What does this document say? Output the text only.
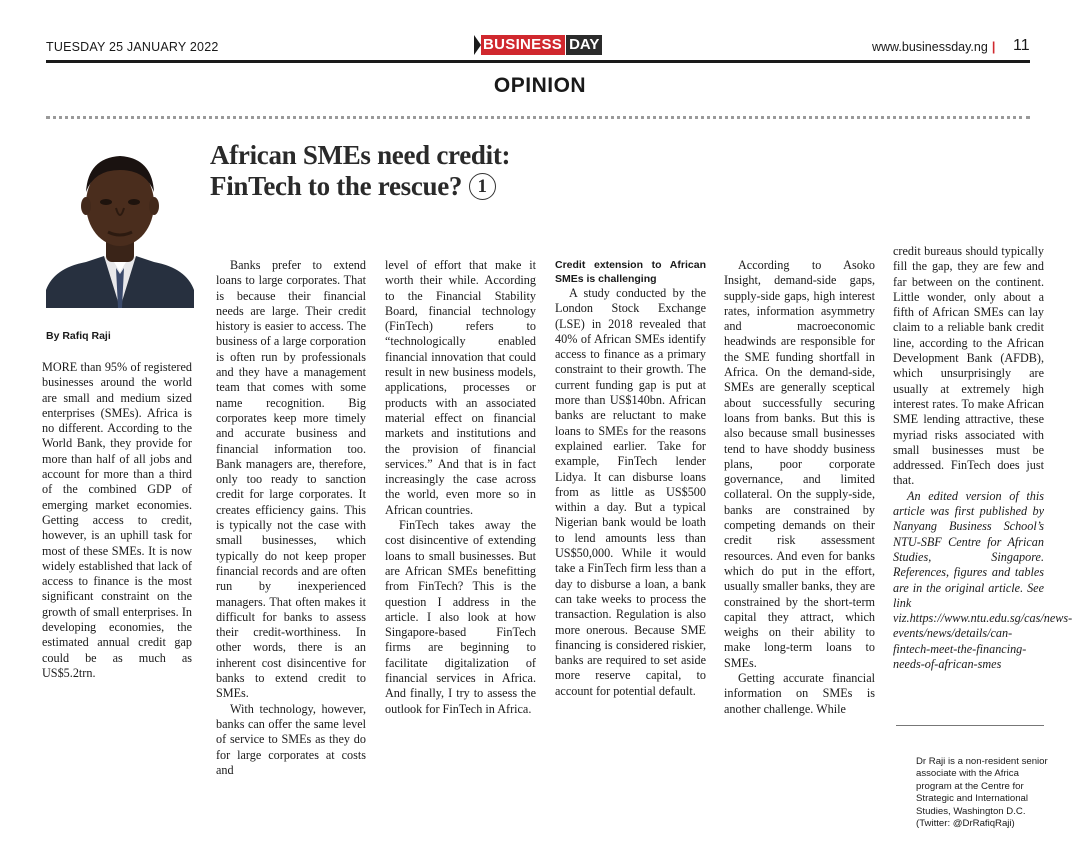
TUESDAY 25 JANUARY 2022	BUSINESS DAY	www.businessday.ng | 11
OPINION
By Rafiq Raji
African SMEs need credit: FinTech to the rescue? 1

MORE than 95% of registered businesses around the world are small and medium sized enterprises (SMEs). Africa is no different. According to the World Bank, they provide for more than half of all jobs and account for more than a third of the combined GDP of emerging market economies. Getting access to credit, however, is an uphill task for most of these SMEs. It is now widely established that lack of access to finance is the most significant constraint on the growth of small enterprises. In developing economies, the estimated annual credit gap could be as much as US$5.2trn.

Banks prefer to extend loans to large corporates. That is because their financial needs are large. Their credit history is easier to access. The business of a large corporation is often run by professionals and they have a management team that comes with some name recognition. Big corporates keep more timely and accurate business and financial information too. Bank managers are, therefore, only too ready to sanction credit for large corporates. It creates efficiency gains. This is typically not the case with small businesses, which typically do not keep proper financial records and are often run by inexperienced managers. That often makes it difficult for banks to assess their credit-worthiness. In other words, there is an inherent cost disincentive for banks to extend credit to SMEs.

With technology, however, banks can offer the same level of service to SMEs as they do for large corporates at costs and

level of effort that make it worth their while. According to the Financial Stability Board, financial technology (FinTech) refers to “technologically enabled financial innovation that could result in new business models, applications, processes or products with an associated material effect on financial markets and institutions and the provision of financial services.” And that is in fact increasingly the case across the world, even more so in African countries.

FinTech takes away the cost disincentive of extending loans to small businesses. But are African SMEs benefitting from FinTech? This is the question I address in the article. I also look at how Singapore-based FinTech firms are beginning to facilitate digitalization of financial services in Africa. And finally, I try to assess the outlook for FinTech in Africa.

Credit extension to African SMEs is challenging

A study conducted by the London Stock Exchange (LSE) in 2018 revealed that 40% of African SMEs identify access to finance as a primary constraint to their growth. The current funding gap is put at more than US$140bn. African banks are reluctant to make loans to SMEs for the reasons explained earlier. Take for example, FinTech lender Lidya. It can disburse loans from as little as US$500 within a day. But a typical Nigerian bank would be loath to lend amounts less than US$50,000. While it would take a FinTech firm less than a day to disburse a loan, a bank can take weeks to process the transaction. Regulation is also more onerous. Because SME financing is considered riskier, banks are required to set aside more reserve capital, to account for potential default.

According to Asoko Insight, demand-side gaps, supply-side gaps, high interest rates, information asymmetry and macroeconomic headwinds are responsible for the SME funding shortfall in Africa. On the demand-side, SMEs are generally sceptical about successfully securing loans from banks. But this is also because small businesses tend to have shoddy business plans, poor corporate governance, and limited collateral. On the supply-side, banks are constrained by competing demands on their credit risk assessment resources. And even for banks which do put in the effort, usually smaller banks, they are constrained by the short-term capital they attract, which weighs on their ability to make long-term loans to SMEs.

Getting accurate financial information on SMEs is another challenge. While

credit bureaus should typically fill the gap, they are few and far between on the continent. Little wonder, only about a fifth of African SMEs can lay claim to a reliable bank credit line, according to the African Development Bank (AFDB), which unsurprisingly are usually at extremely high interest rates. To make African SME lending attractive, these myriad risks associated with small businesses must be addressed. FinTech does just that.

An edited version of this article was first published by Nanyang Business School’s NTU-SBF Centre for African Studies, Singapore. References, figures and tables are in the original article. See link viz.https://www.ntu.edu.sg/cas/news-events/news/details/can-fintech-meet-the-financing-needs-of-african-smes

Dr Raji is a non-resident senior associate with the Africa program at the Centre for Strategic and International Studies, Washington D.C. (Twitter: @DrRafiqRaji)
